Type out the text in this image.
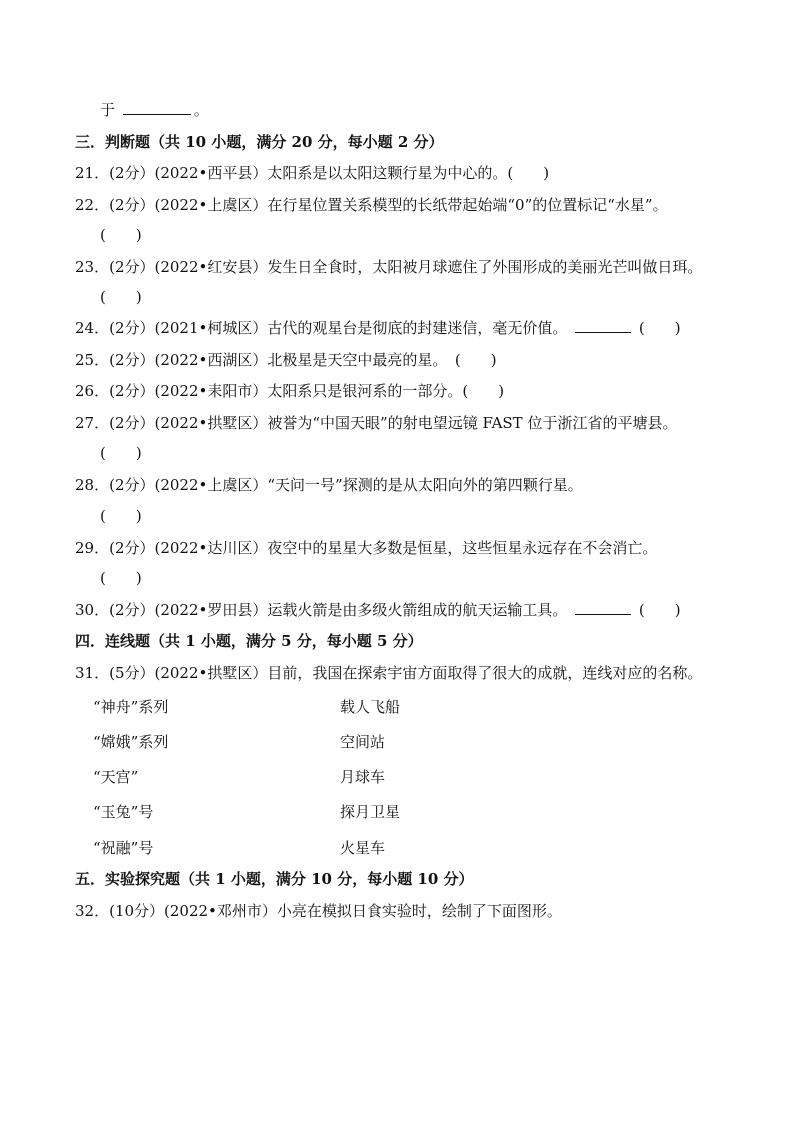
于	。
三．判断题（共 10 小题，满分 20 分，每小题 2 分）
21．(2分）(2022•西平县）太阳系是以太阳这颗行星为中心的。(　　)
22．(2分）(2022•上虞区）在行星位置关系模型的长纸带起始端“0”的位置标记“水星”。
(　　)
23．(2分）(2022•红安县）发生日全食时，太阳被月球遮住了外围形成的美丽光芒叫做日珥。
(　　)
24．(2分）(2021•柯城区）古代的观星台是彻底的封建迷信，毫无价值。	(　　)
25．(2分）(2022•西湖区）北极星是天空中最亮的星。　(　　)
26．(2分）(2022•耒阳市）太阳系只是银河系的一部分。(　　)
27．(2分）(2022•拱墅区）被誉为“中国天眼”的射电望远镜 FAST 位于浙江省的平塘县。
(　　)
28．(2分）(2022•上虞区）“天问一号”探测的是从太阳向外的第四颗行星。
(　　)
29．(2分）(2022•达川区）夜空中的星星大多数是恒星，这些恒星永远存在不会消亡。
(　　)
30．(2分）(2022•罗田县）运载火箭是由多级火箭组成的航天运输工具。	(　　)
四．连线题（共 1 小题，满分 5 分，每小题 5 分）
31．(5分）(2022•拱墅区）目前，我国在探索宇宙方面取得了很大的成就，连线对应的名称。
“神舟”系列	载人飞船
“嫦娥”系列	空间站
“天宫”	月球车
“玉兔”号	探月卫星
“祝融”号	火星车
五．实验探究题（共 1 小题，满分 10 分，每小题 10 分）
32．(10分）(2022•邓州市）小亮在模拟日食实验时，绘制了下面图形。
